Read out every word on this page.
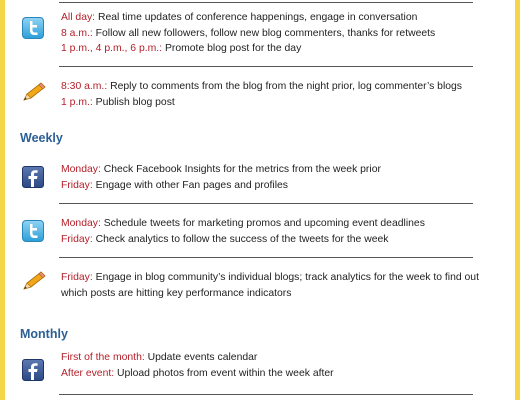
All day: Real time updates of conference happenings, engage in conversation
8 a.m.: Follow all new followers, follow new blog commenters, thanks for retweets
1 p.m., 4 p.m., 6 p.m.: Promote blog post for the day
8:30 a.m.: Reply to comments from the blog from the night prior, log commenter’s blogs
1 p.m.: Publish blog post
Weekly
Monday: Check Facebook Insights for the metrics from the week prior
Friday: Engage with other Fan pages and profiles
Monday: Schedule tweets for marketing promos and upcoming event deadlines
Friday: Check analytics to follow the success of the tweets for the week
Friday: Engage in blog community’s individual blogs; track analytics for the week to find out
which posts are hitting key performance indicators
Monthly
First of the month: Update events calendar
After event: Upload photos from event within the week after
